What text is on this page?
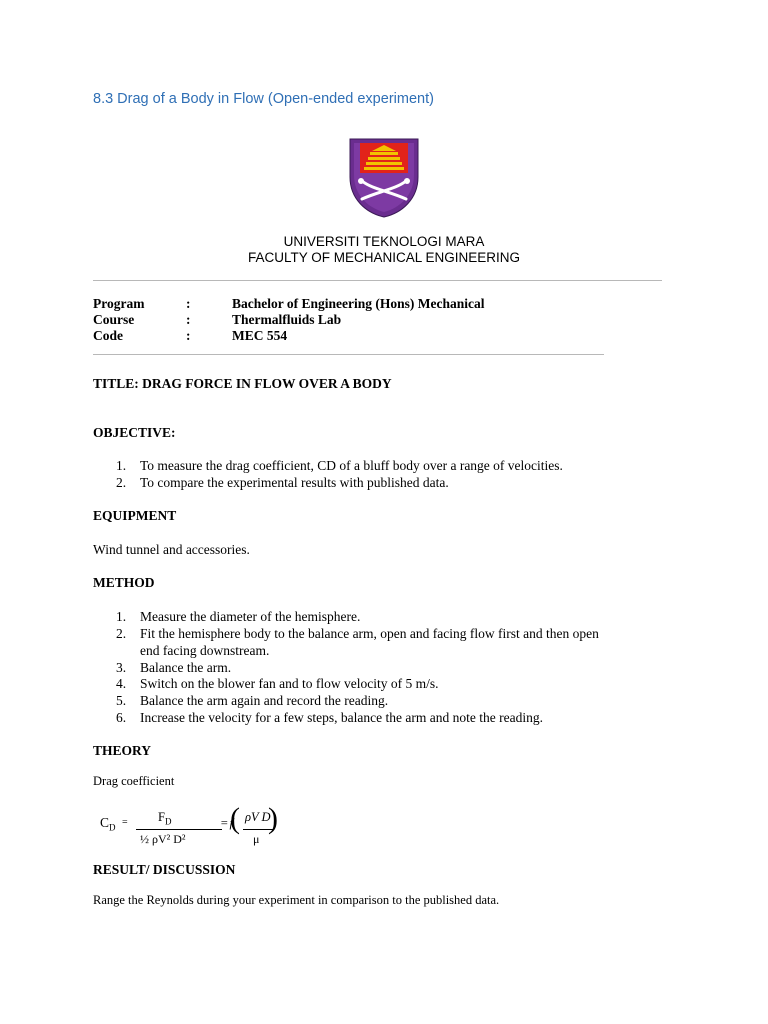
8.3 Drag of a Body in Flow (Open-ended experiment)
UNIVERSITI TEKNOLOGI MARA
FACULTY OF MECHANICAL ENGINEERING
Program	:	Bachelor of Engineering (Hons) Mechanical
Course	:	Thermalfluids Lab
Code	:	MEC 554
TITLE: DRAG FORCE IN FLOW OVER A BODY
OBJECTIVE:
1. To measure the drag coefficient, CD of a bluff body over a range of velocities.
2. To compare the experimental results with published data.
EQUIPMENT
Wind tunnel and accessories.
METHOD
1. Measure the diameter of the hemisphere.
2. Fit the hemisphere body to the balance arm, open and facing flow first and then open
end facing downstream.
3. Balance the arm.
4. Switch on the blower fan and to flow velocity of 5 m/s.
5. Balance the arm again and record the reading.
6. Increase the velocity for a few steps, balance the arm and note the reading.
THEORY
Drag coefficient
$C_D = F_D$
½ ρV² D²
= f
( ρV D
μ
)
RESULT/ DISCUSSION
Range the Reynolds during your experiment in comparison to the published data.
